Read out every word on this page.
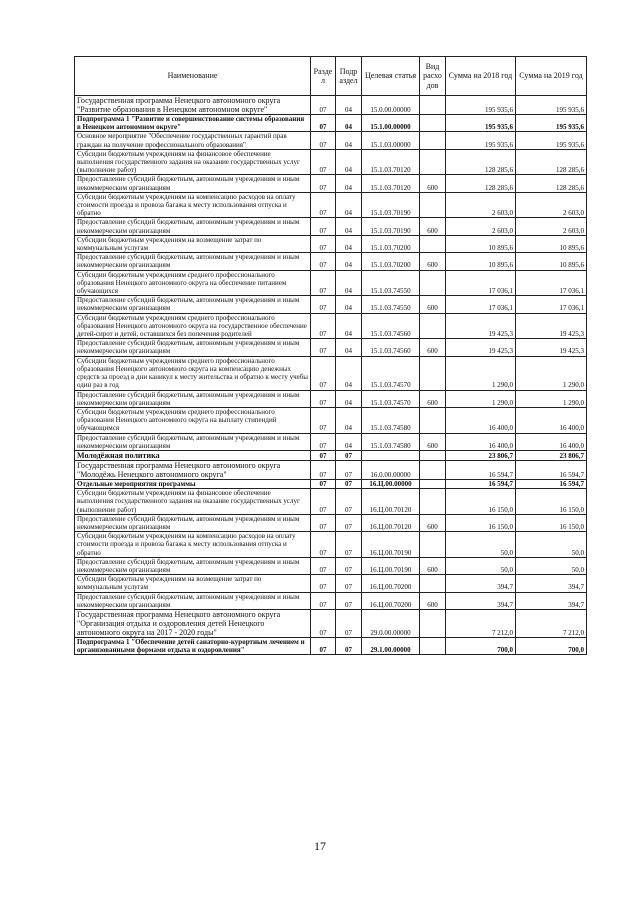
Наименование	Разде л	Подр аздел	Целевая статья	Вид расхо дов	Сумма на 2018 год	Сумма на 2019 год
Государственная программа Ненецкого автономного округа "Развитие образования в Ненецком автономном округе"	07	04	15.0.00.00000		195 935,6	195 935,6
Подпрограмма 1 "Развитие и совершенствование системы образования в Ненецком автономном округе"	07	04	15.1.00.00000		195 935,6	195 935,6
Основное мероприятие "Обеспечение государственных гарантий прав граждан на получение профессионального образования"	07	04	15.1.03.00000		195 935,6	195 935,6
Субсидии бюджетным учреждениям на финансовое обеспечение выполнения государственного задания на оказание государственных услуг (выполнение работ)	07	04	15.1.03.70120		128 285,6	128 285,6
Предоставление субсидий бюджетным, автономным учреждениям и иным некоммерческим организациям	07	04	15.1.03.70120	600	128 285,6	128 285,6
Субсидии бюджетным учреждениям на компенсацию расходов на оплату стоимости проезда и провоза багажа к месту использования отпуска и обратно	07	04	15.1.03.70190		2 603,0	2 603,0
Предоставление субсидий бюджетным, автономным учреждениям и иным некоммерческим организациям	07	04	15.1.03.70190	600	2 603,0	2 603,0
Субсидии бюджетным учреждениям на возмещение затрат по коммунальным услугам	07	04	15.1.03.70200		10 895,6	10 895,6
Предоставление субсидий бюджетным, автономным учреждениям и иным некоммерческим организациям	07	04	15.1.03.70200	600	10 895,6	10 895,6
Субсидии бюджетным учреждениям среднего профессионального образования Ненецкого автономного округа на обеспечение питанием обучающихся	07	04	15.1.03.74550		17 036,1	17 036,1
Предоставление субсидий бюджетным, автономным учреждениям и иным некоммерческим организациям	07	04	15.1.03.74550	600	17 036,1	17 036,1
Субсидии бюджетным учреждениям среднего профессионального образования Ненецкого автономного округа на государственное обеспечение детей-сирот и детей, оставшихся без попечения родителей	07	04	15.1.03.74560		19 425,3	19 425,3
Предоставление субсидий бюджетным, автономным учреждениям и иным некоммерческим организациям	07	04	15.1.03.74560	600	19 425,3	19 425,3
Субсидии бюджетным учреждениям среднего профессионального образования Ненецкого автономного округа на компенсацию денежных средств за проезд в дни каникул к месту жительства и обратно к месту учебы один раз в год	07	04	15.1.03.74570		1 290,0	1 290,0
Предоставление субсидий бюджетным, автономным учреждениям и иным некоммерческим организациям	07	04	15.1.03.74570	600	1 290,0	1 290,0
Субсидии бюджетным учреждениям среднего профессионального образования Ненецкого автономного округа на выплату стипендий обучающимся	07	04	15.1.03.74580		16 400,0	16 400,0
Предоставление субсидий бюджетным, автономным учреждениям и иным некоммерческим организациям	07	04	15.1.03.74580	600	16 400,0	16 400,0
Молодёжная политика	07	07			23 806,7	23 806,7
Государственная программа Ненецкого автономного округа "Молодёжь Ненецкого автономного округа"	07	07	16.0.00.00000		16 594,7	16 594,7
Отдельные мероприятия программы	07	07	16.Ц.00.00000		16 594,7	16 594,7
Субсидии бюджетным учреждениям на финансовое обеспечение выполнения государственного задания на оказание государственных услуг (выполнение работ)	07	07	16.Ц.00.70120		16 150,0	16 150,0
Предоставление субсидий бюджетным, автономным учреждениям и иным некоммерческим организациям	07	07	16.Ц.00.70120	600	16 150,0	16 150,0
Субсидии бюджетным учреждениям на компенсацию расходов на оплату стоимости проезда и провоза багажа к месту использования отпуска и обратно	07	07	16.Ц.00.70190		50,0	50,0
Предоставление субсидий бюджетным, автономным учреждениям и иным некоммерческим организациям	07	07	16.Ц.00.70190	600	50,0	50,0
Субсидии бюджетным учреждениям на возмещение затрат по коммунальным услугам	07	07	16.Ц.00.70200		394,7	394,7
Предоставление субсидий бюджетным, автономным учреждениям и иным некоммерческим организациям	07	07	16.Ц.00.70200	600	394,7	394,7
Государственная программа Ненецкого автономного округа "Организация отдыха и оздоровления детей Ненецкого автономного округа на 2017 - 2020 годы"	07	07	29.0.00.00000		7 212,0	7 212,0
Подпрограмма 1 "Обеспечение детей санаторно-курортным лечением и организованными формами отдыха и оздоровления"	07	07	29.1.00.00000		700,0	700,0
17
